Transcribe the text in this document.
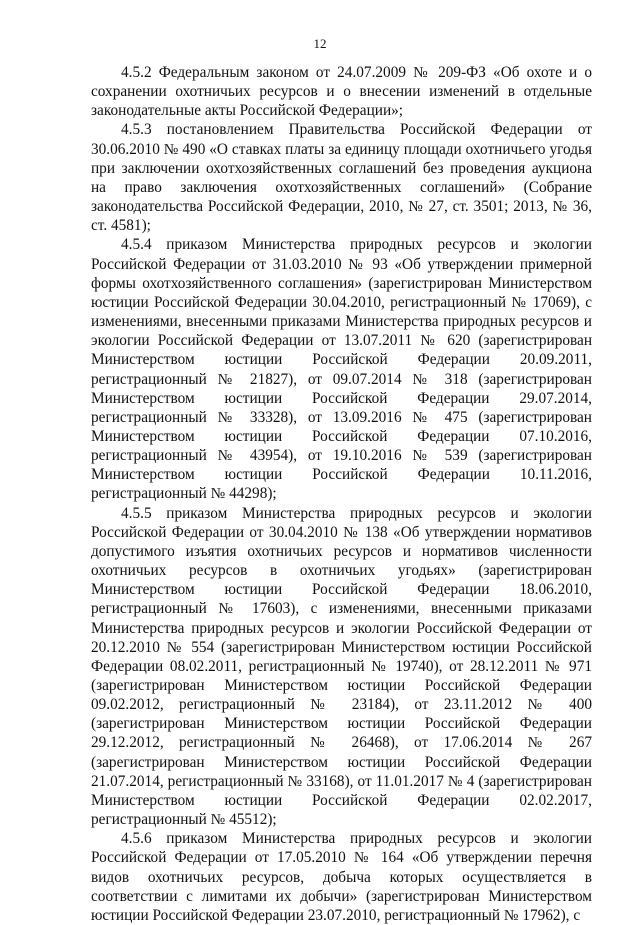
12

4.5.2 Федеральным законом от 24.07.2009 № 209-ФЗ «Об охоте и о сохранении охотничьих ресурсов и о внесении изменений в отдельные законодательные акты Российской Федерации»;

4.5.3 постановлением Правительства Российской Федерации от 30.06.2010 № 490 «О ставках платы за единицу площади охотничьего угодья при заключении охотхозяйственных соглашений без проведения аукциона на право заключения охотхозяйственных соглашений» (Собрание законодательства Российской Федерации, 2010, № 27, ст. 3501; 2013, № 36, ст. 4581);

4.5.4 приказом Министерства природных ресурсов и экологии Российской Федерации от 31.03.2010 № 93 «Об утверждении примерной формы охотхозяйственного соглашения» (зарегистрирован Министерством юстиции Российской Федерации 30.04.2010, регистрационный № 17069), с изменениями, внесенными приказами Министерства природных ресурсов и экологии Российской Федерации от 13.07.2011 № 620 (зарегистрирован Министерством юстиции Российской Федерации 20.09.2011, регистрационный № 21827), от 09.07.2014 № 318 (зарегистрирован Министерством юстиции Российской Федерации 29.07.2014, регистрационный № 33328), от 13.09.2016 № 475 (зарегистрирован Министерством юстиции Российской Федерации 07.10.2016, регистрационный № 43954), от 19.10.2016 № 539 (зарегистрирован Министерством юстиции Российской Федерации 10.11.2016, регистрационный № 44298);

4.5.5 приказом Министерства природных ресурсов и экологии Российской Федерации от 30.04.2010 № 138 «Об утверждении нормативов допустимого изъятия охотничьих ресурсов и нормативов численности охотничьих ресурсов в охотничьих угодьях» (зарегистрирован Министерством юстиции Российской Федерации 18.06.2010, регистрационный № 17603), с изменениями, внесенными приказами Министерства природных ресурсов и экологии Российской Федерации от 20.12.2010 № 554 (зарегистрирован Министерством юстиции Российской Федерации 08.02.2011, регистрационный № 19740), от 28.12.2011 № 971 (зарегистрирован Министерством юстиции Российской Федерации 09.02.2012, регистрационный № 23184), от 23.11.2012 № 400 (зарегистрирован Министерством юстиции Российской Федерации 29.12.2012, регистрационный № 26468), от 17.06.2014 № 267 (зарегистрирован Министерством юстиции Российской Федерации 21.07.2014, регистрационный № 33168), от 11.01.2017 № 4 (зарегистрирован Министерством юстиции Российской Федерации 02.02.2017, регистрационный № 45512);

4.5.6 приказом Министерства природных ресурсов и экологии Российской Федерации от 17.05.2010 № 164 «Об утверждении перечня видов охотничьих ресурсов, добыча которых осуществляется в соответствии с лимитами их добычи» (зарегистрирован Министерством юстиции Российской Федерации 23.07.2010, регистрационный № 17962), с
